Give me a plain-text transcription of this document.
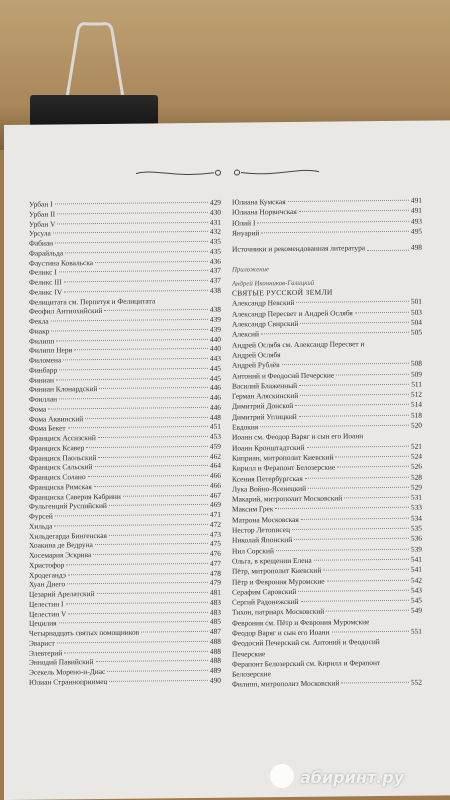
Урбан I	429
Урбан II	430
Урбан V	431
Урсула	432
Фабиан	435
Фарайльда	435
Фаустина Ковальска	436
Феликс I	437
Феликс III	437
Феликс IV	438
Фелицитата см. Перпетуя и Фелицитата
Феофил Антиохийский	438
Фекла	439
Фиакр	439
Филипп	440
Филипп Нери	440
Филомена	443
Финбарр	445
Финиан	445
Финиан Клонардский	446
Фоиллан	446
Фома	446
Фома Аквинский	448
Фома Бекет	451
Франциск Ассизский	453
Франциск Ксавер	459
Франциск Паольский	462
Франциск Сальский	464
Франциск Солано	466
Франциска Римская	466
Франциска Саверия Кабрини	467
Фульгенций Руспийский	469
Фурсей	471
Хильда	472
Хильдегарда Бингенская	473
Хоакина де Ведруна	475
Хосемария Эскрива	476
Христофор	477
Хродегандэ	478
Хуан Диего	479
Цезарий Арелатский	481
Целестин I	483
Целестин V	483
Цецилия	485
Четырнадцать святых помощников	487
Эварист	488
Элевтерий	488
Эннодий Павийский	488
Эсекель Морено-и-Диас	489
Юлиан Странноприимец	490
Юлиана Кумская	491
Юлиана Норвичская	491
Юлий I	493
Януарий	495
Источники и рекомендованная литература	498
Приложение
Андрей Иконников-Галицкий
СВЯТЫЕ РУССКОЙ ЗЕМЛИ
Александр Невский	501
Александр Пересвет и Андрей Ослябя	503
Александр Свирский	504
Алексий	505
Андрей Ослябя см. Александр Пересвет и Андрей Ослябя
Андрей Рублёв	508
Антоний и Феодосий Печерские	509
Василий Блаженный	511
Герман Аляскинский	512
Димитрий Донской	514
Димитрий Углицкий	518
Евдокия	520
Иоанн см. Феодор Варяг и сын его Иоанн
Иоанн Кронштадтский	521
Киприан, митрополит Киевский	524
Кирилл и Ферапонт Белозерские	526
Ксения Петербургская	528
Лука Войно-Ясенецкий	529
Макарий, митрополит Московский	531
Максим Грек	533
Матрона Московская	534
Нестор Летописец	535
Николай Японский	536
Нил Сорский	539
Ольга, в крещении Елена	541
Пётр, митрополит Киевский	541
Пётр и Феврония Муромские	542
Серафим Саровский	543
Сергий Радонежский	545
Тихон, патриарх Московский	549
Феврония см. Пётр и Феврония Муромские
Феодор Варяг и сын его Иоанн	551
Феодосий Печерский см. Антоний и Феодосий Печерские
Ферапонт Белозерский см. Кирилл и Ферапонт Белозерские
Филипп, митрополит Московский	552
абиринт.ру
